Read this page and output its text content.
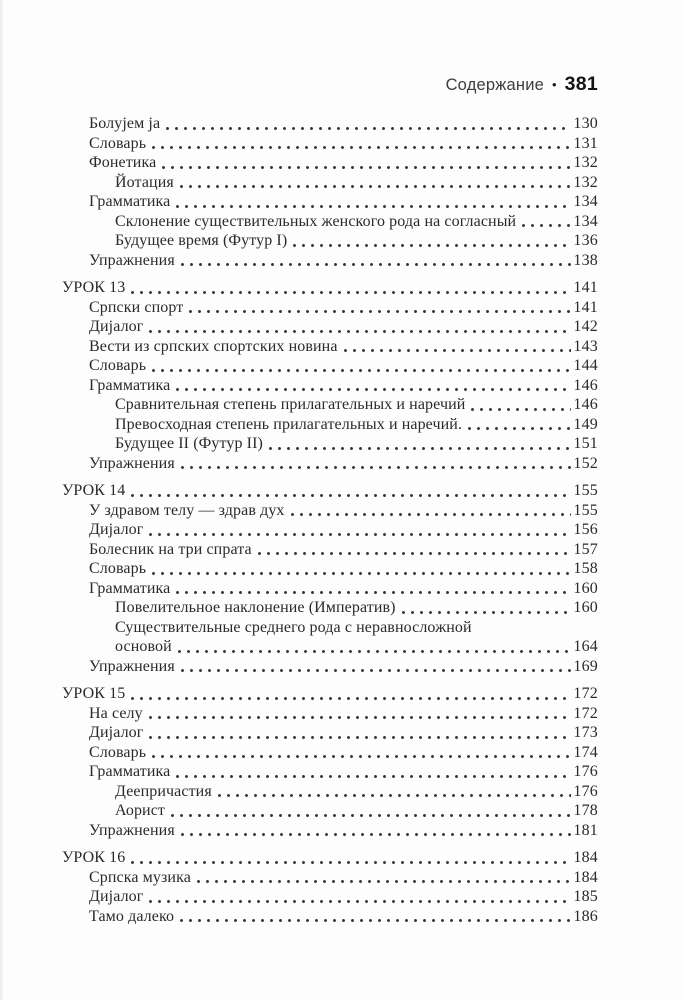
Содержание • 381
Болујем ја	130
Словарь	131
Фонетика	132
Йотация	132
Грамматика	134
Склонение существительных женского рода на согласный	134
Будущее время (Футур I)	136
Упражнения	138
УРОК 13	141
Српски спорт	141
Дијалог	142
Вести из српских спортских новина	143
Словарь	144
Грамматика	146
Сравнительная степень прилагательных и наречий	146
Превосходная степень прилагательных и наречий.	149
Будущее II (Футур II)	151
Упражнения	152
УРОК 14	155
У здравом телу — здрав дух	155
Дијалог	156
Болесник на три спрата	157
Словарь	158
Грамматика	160
Повелительное наклонение (Императив)	160
Существительные среднего рода с неравносложной
основой	164
Упражнения	169
УРОК 15	172
На селу	172
Дијалог	173
Словарь	174
Грамматика	176
Деепричастия	176
Аорист	178
Упражнения	181
УРОК 16	184
Српска музика	184
Дијалог	185
Тамо далеко	186
